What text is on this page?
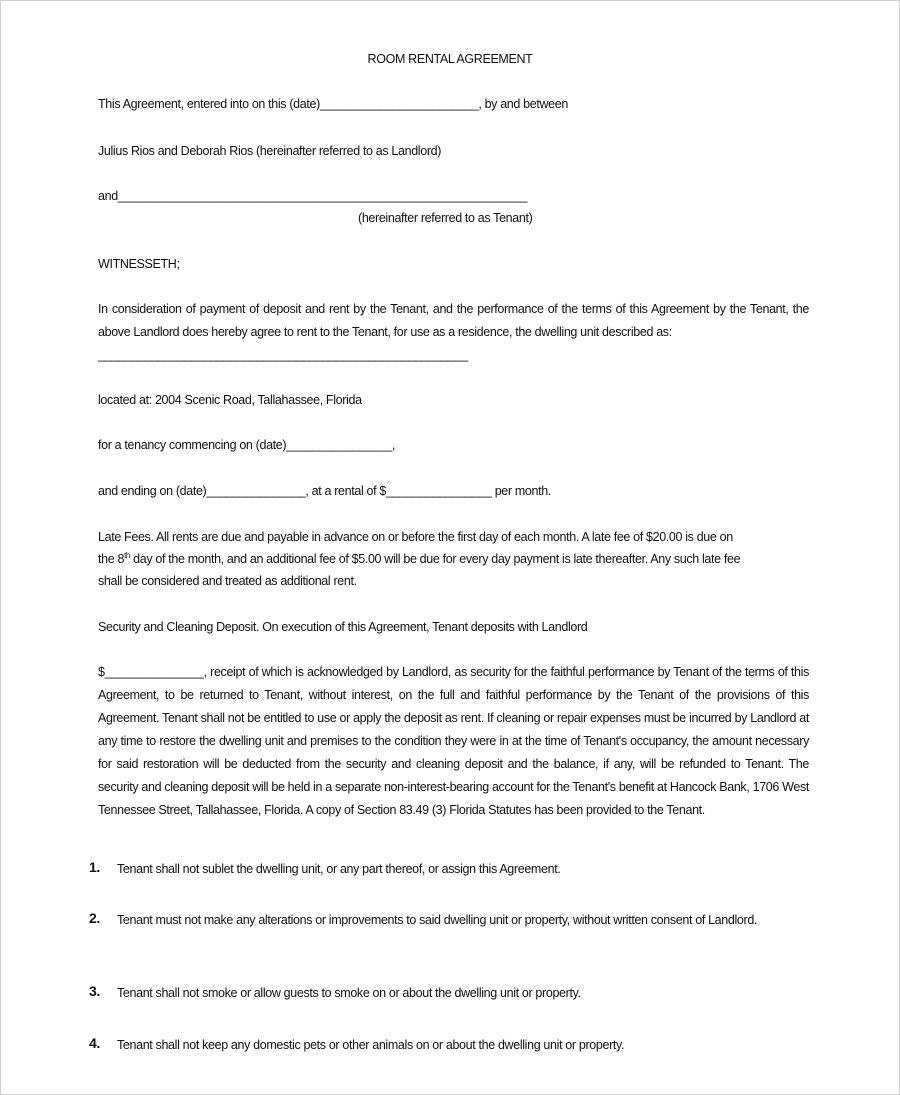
ROOM RENTAL AGREEMENT
This Agreement, entered into on this (date)________________________, by and between
Julius Rios and Deborah Rios (hereinafter referred to as Landlord)
and______________________________________________________________
(hereinafter referred to as Tenant)
WITNESSETH;

In consideration of payment of deposit and rent by the Tenant, and the performance of the terms of this Agreement by the Tenant, the above Landlord does hereby agree to rent to the Tenant, for use as a residence, the dwelling unit described as:

________________________________________________________

located at: 2004 Scenic Road, Tallahassee, Florida
for a tenancy commencing on (date)________________,
and ending on (date)_______________, at a rental of $________________ per month.
Late Fees. All rents are due and payable in advance on or before the first day of each month. A late fee of $20.00 is due on
the 8th day of the month, and an additional fee of $5.00 will be due for every day payment is late thereafter. Any such late fee
shall be considered and treated as additional rent.
Security and Cleaning Deposit. On execution of this Agreement, Tenant deposits with Landlord

$_______________, receipt of which is acknowledged by Landlord, as security for the faithful performance by Tenant of the terms of this Agreement, to be returned to Tenant, without interest, on the full and faithful performance by the Tenant of the provisions of this Agreement. Tenant shall not be entitled to use or apply the deposit as rent. If cleaning or repair expenses must be incurred by Landlord at any time to restore the dwelling unit and premises to the condition they were in at the time of Tenant's occupancy, the amount necessary for said restoration will be deducted from the security and cleaning deposit and the balance, if any, will be refunded to Tenant. The security and cleaning deposit will be held in a separate non-interest-bearing account for the Tenant's benefit at Hancock Bank, 1706 West Tennessee Street, Tallahassee, Florida. A copy of Section 83.49 (3) Florida Statutes has been provided to the Tenant.

1. Tenant shall not sublet the dwelling unit, or any part thereof, or assign this Agreement.
2. Tenant must not make any alterations or improvements to said dwelling unit or property, without written consent of Landlord.
3. Tenant shall not smoke or allow guests to smoke on or about the dwelling unit or property.
4. Tenant shall not keep any domestic pets or other animals on or about the dwelling unit or property.
